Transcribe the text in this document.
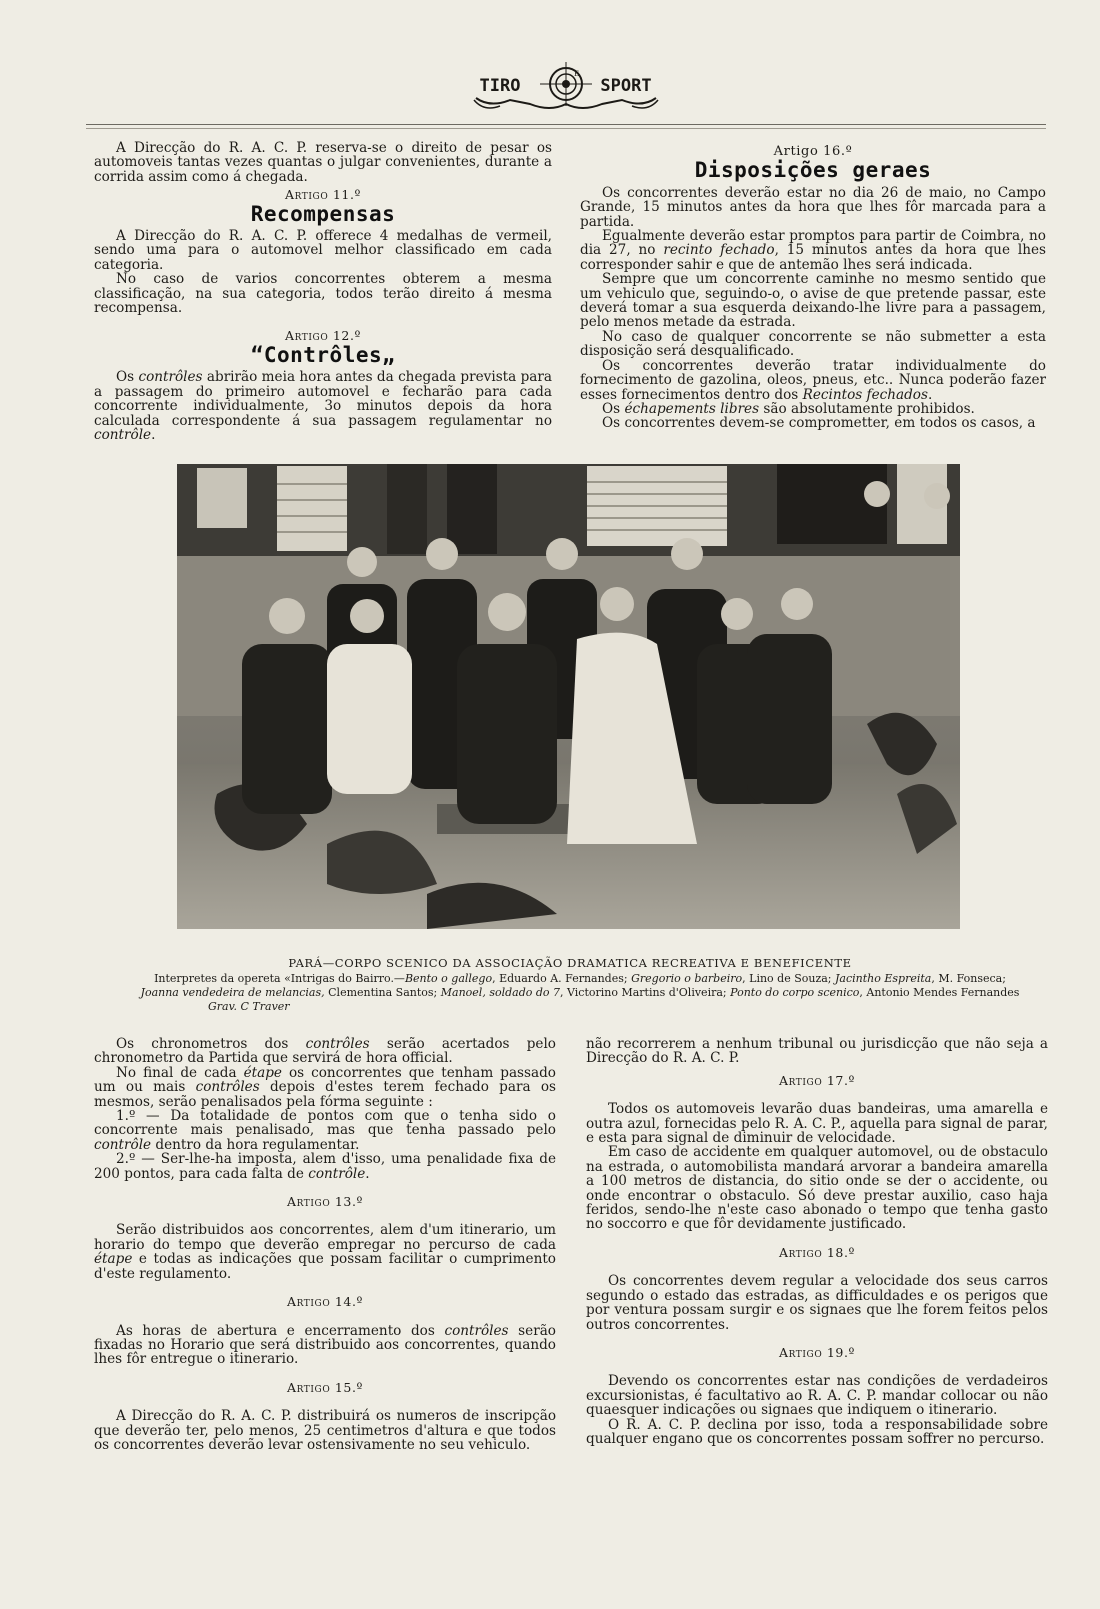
TIRO	SPORT
E

A Direcção do R. A. C. P. reserva-se o direito de pesar os automoveis tantas vezes quantas o julgar convenientes, durante a corrida assim como á chegada.

Artigo 11.º
Recompensas

A Direcção do R. A. C. P. offerece 4 medalhas de vermeil, sendo uma para o automovel melhor classificado em cada categoria.

No caso de varios concorrentes obterem a mesma classificação, na sua categoria, todos terão direito á mesma recompensa.

Artigo 12.º
“Contrôles„

Os contrôles abrirão meia hora antes da chegada prevista para a passagem do primeiro automovel e fecharão para cada concorrente individualmente, 3o minutos depois da hora calculada correspondente á sua passagem regulamentar no contrôle.

Artigo 16.º
Disposições geraes

Os concorrentes deverão estar no dia 26 de maio, no Campo Grande, 15 minutos antes da hora que lhes fôr marcada para a partida.

Egualmente deverão estar promptos para partir de Coimbra, no dia 27, no recinto fechado, 15 minutos antes da hora que lhes corresponder sahir e que de antemão lhes será indicada.

Sempre que um concorrente caminhe no mesmo sentido que um vehiculo que, seguindo-o, o avise de que pretende passar, este deverá tomar a sua esquerda deixando-lhe livre para a passagem, pelo menos metade da estrada.

No caso de qualquer concorrente se não submetter a esta disposição será desqualificado.

Os concorrentes deverão tratar individualmente do fornecimento de gazolina, oleos, pneus, etc.. Nunca poderão fazer esses fornecimentos dentro dos Recintos fechados.

Os échapements libres são absolutamente prohibidos.

Os concorrentes devem-se comprometter, em todos os casos, a

PARÁ—CORPO SCENICO DA ASSOCIAÇÃO DRAMATICA RECREATIVA E BENEFICENTE
Interpretes da opereta «Intrigas do Bairro.—Bento o gallego, Eduardo A. Fernandes; Gregorio o barbeiro, Lino de Souza; Jacintho Espreita, M. Fonseca;
Joanna vendedeira de melancias, Clementina Santos; Manoel, soldado do 7, Victorino Martins d'Oliveira; Ponto do corpo scenico, Antonio Mendes Fernandes
Grav. C Traver

Os chronometros dos contrôles serão acertados pelo chronometro da Partida que servirá de hora official.

No final de cada étape os concorrentes que tenham passado um ou mais contrôles depois d'estes terem fechado para os mesmos, serão penalisados pela fórma seguinte :

1.º — Da totalidade de pontos com que o tenha sido o concorrente mais penalisado, mas que tenha passado pelo contrôle dentro da hora regulamentar.

2.º — Ser-lhe-ha imposta, alem d'isso, uma penalidade fixa de 200 pontos, para cada falta de contrôle.

Artigo 13.º

Serão distribuidos aos concorrentes, alem d'um itinerario, um horario do tempo que deverão empregar no percurso de cada étape e todas as indicações que possam facilitar o cumprimento d'este regulamento.

Artigo 14.º

As horas de abertura e encerramento dos contrôles serão fixadas no Horario que será distribuido aos concorrentes, quando lhes fôr entregue o itinerario.

Artigo 15.º

A Direcção do R. A. C. P. distribuirá os numeros de inscripção que deverão ter, pelo menos, 25 centimetros d'altura e que todos os concorrentes deverão levar ostensivamente no seu vehiculo.

não recorrerem a nenhum tribunal ou jurisdicção que não seja a Direcção do R. A. C. P.

Artigo 17.º

Todos os automoveis levarão duas bandeiras, uma amarella e outra azul, fornecidas pelo R. A. C. P., aquella para signal de parar, e esta para signal de diminuir de velocidade.

Em caso de accidente em qualquer automovel, ou de obstaculo na estrada, o automobilista mandará arvorar a bandeira amarella a 100 metros de distancia, do sitio onde se der o accidente, ou onde encontrar o obstaculo. Só deve prestar auxilio, caso haja feridos, sendo-lhe n'este caso abonado o tempo que tenha gasto no soccorro e que fôr devidamente justificado.

Artigo 18.º

Os concorrentes devem regular a velocidade dos seus carros segundo o estado das estradas, as difficuldades e os perigos que por ventura possam surgir e os signaes que lhe forem feitos pelos outros concorrentes.

Artigo 19.º

Devendo os concorrentes estar nas condições de verdadeiros excursionistas, é facultativo ao R. A. C. P. mandar collocar ou não quaesquer indicações ou signaes que indiquem o itinerario.

O R. A. C. P. declina por isso, toda a responsabilidade sobre qualquer engano que os concorrentes possam soffrer no percurso.
